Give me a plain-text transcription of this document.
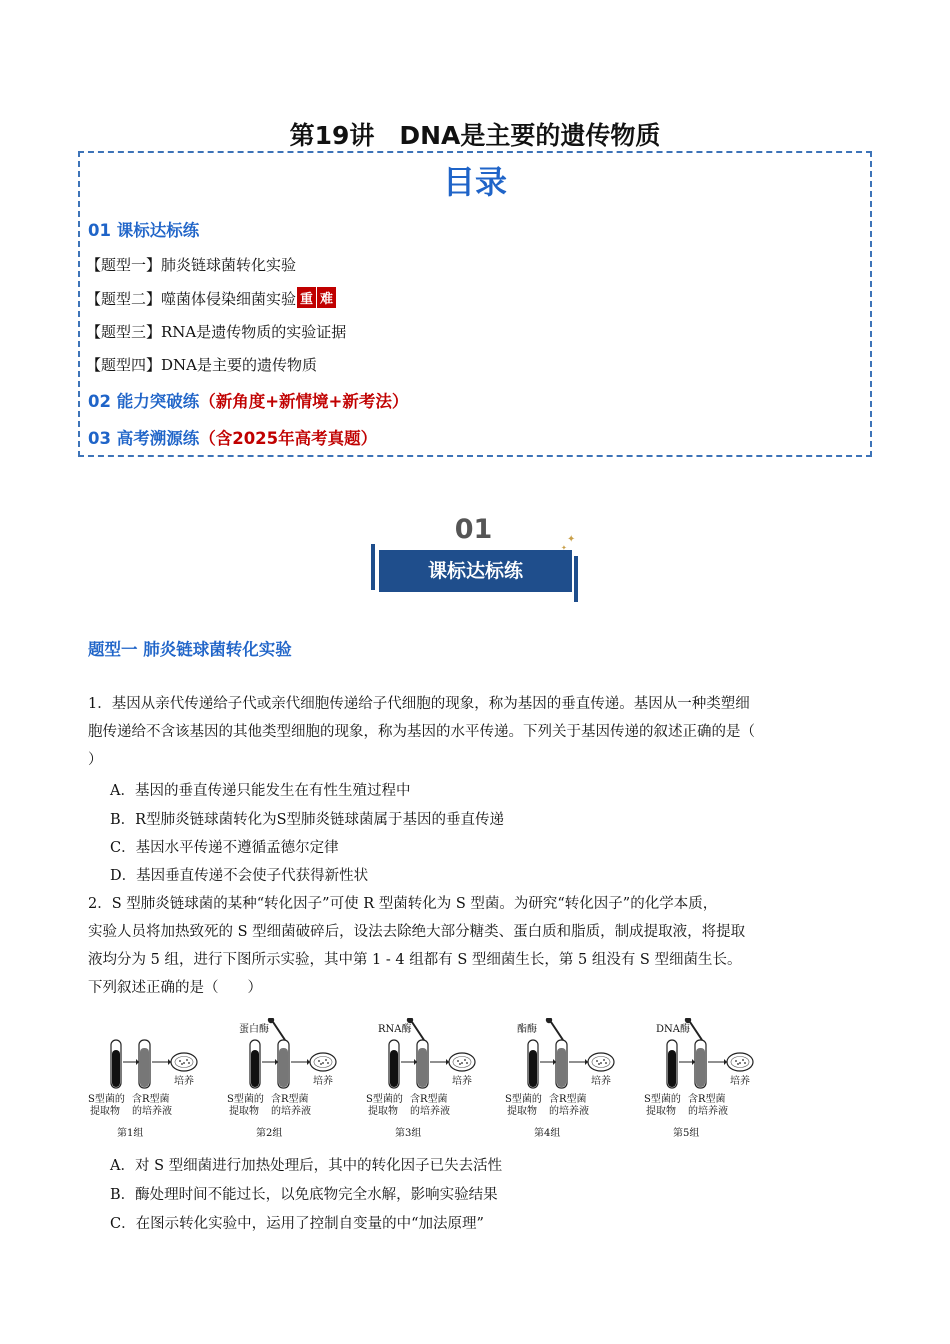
第19讲　DNA是主要的遗传物质
目录
01 课标达标练
【题型一】肺炎链球菌转化实验
【题型二】噬菌体侵染细菌实验 重 难
【题型三】RNA是遗传物质的实验证据
【题型四】DNA是主要的遗传物质
02 能力突破练（新角度+新情境+新考法）
03 高考溯源练（含2025年高考真题）
01
课标达标练
✦
✦
题型一 肺炎链球菌转化实验

1．基因从亲代传递给子代或亲代细胞传递给子代细胞的现象，称为基因的垂直传递。基因从一种类塑细

胞传递给不含该基因的其他类型细胞的现象，称为基因的水平传递。下列关于基因传递的叙述正确的是（

）

A．基因的垂直传递只能发生在有性生殖过程中
B．R型肺炎链球菌转化为S型肺炎链球菌属于基因的垂直传递
C．基因水平传递不遵循孟德尔定律
D．基因垂直传递不会使子代获得新性状

2．S 型肺炎链球菌的某种“转化因子”可使 R 型菌转化为 S 型菌。为研究“转化因子”的化学本质，

实验人员将加热致死的 S 型细菌破碎后，设法去除绝大部分糖类、蛋白质和脂质，制成提取液，将提取

液均分为 5 组，进行下图所示实验，其中第 1 - 4 组都有 S 型细菌生长，第 5 组没有 S 型细菌生长。

下列叙述正确的是（　　）

培养
S型菌的
提取物
含R型菌
的培养液
第1组
蛋白酶
培养
S型菌的
提取物
含R型菌
的培养液
第2组
RNA酶
培养
S型菌的
提取物
含R型菌
的培养液
第3组
酯酶
培养
S型菌的
提取物
含R型菌
的培养液
第4组
DNA酶
培养
S型菌的
提取物
含R型菌
的培养液
第5组
A．对 S 型细菌进行加热处理后，其中的转化因子已失去活性
B．酶处理时间不能过长，以免底物完全水解，影响实验结果
C．在图示转化实验中，运用了控制自变量的中“加法原理”
